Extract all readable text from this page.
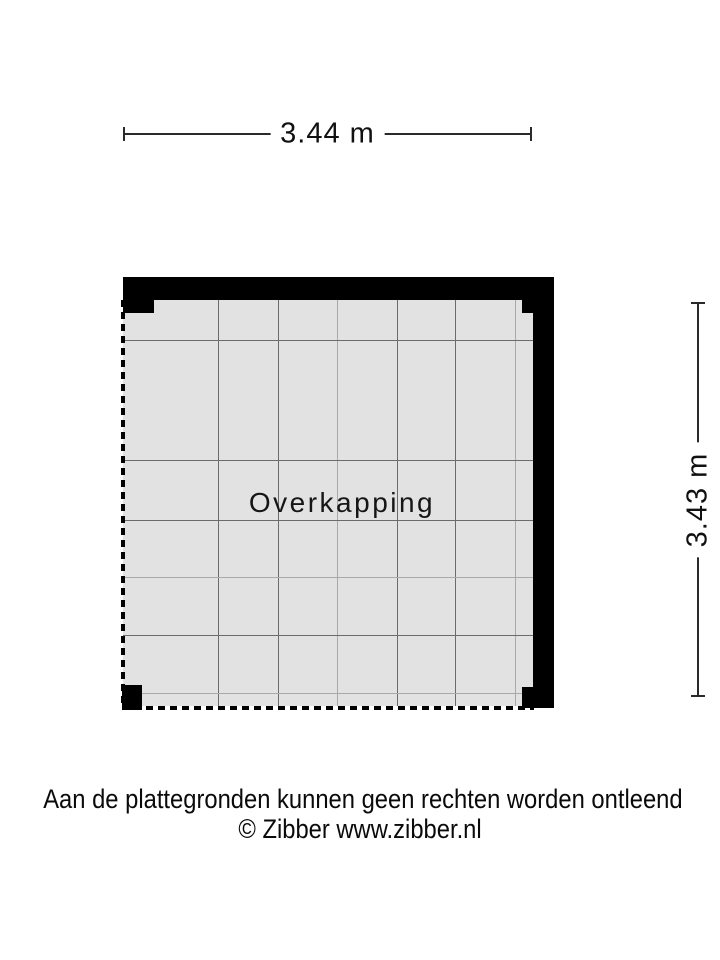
3.44 m
3.43 m
Overkapping
Aan de plattegronden kunnen geen rechten worden ontleend
© Zibber www.zibber.nl
